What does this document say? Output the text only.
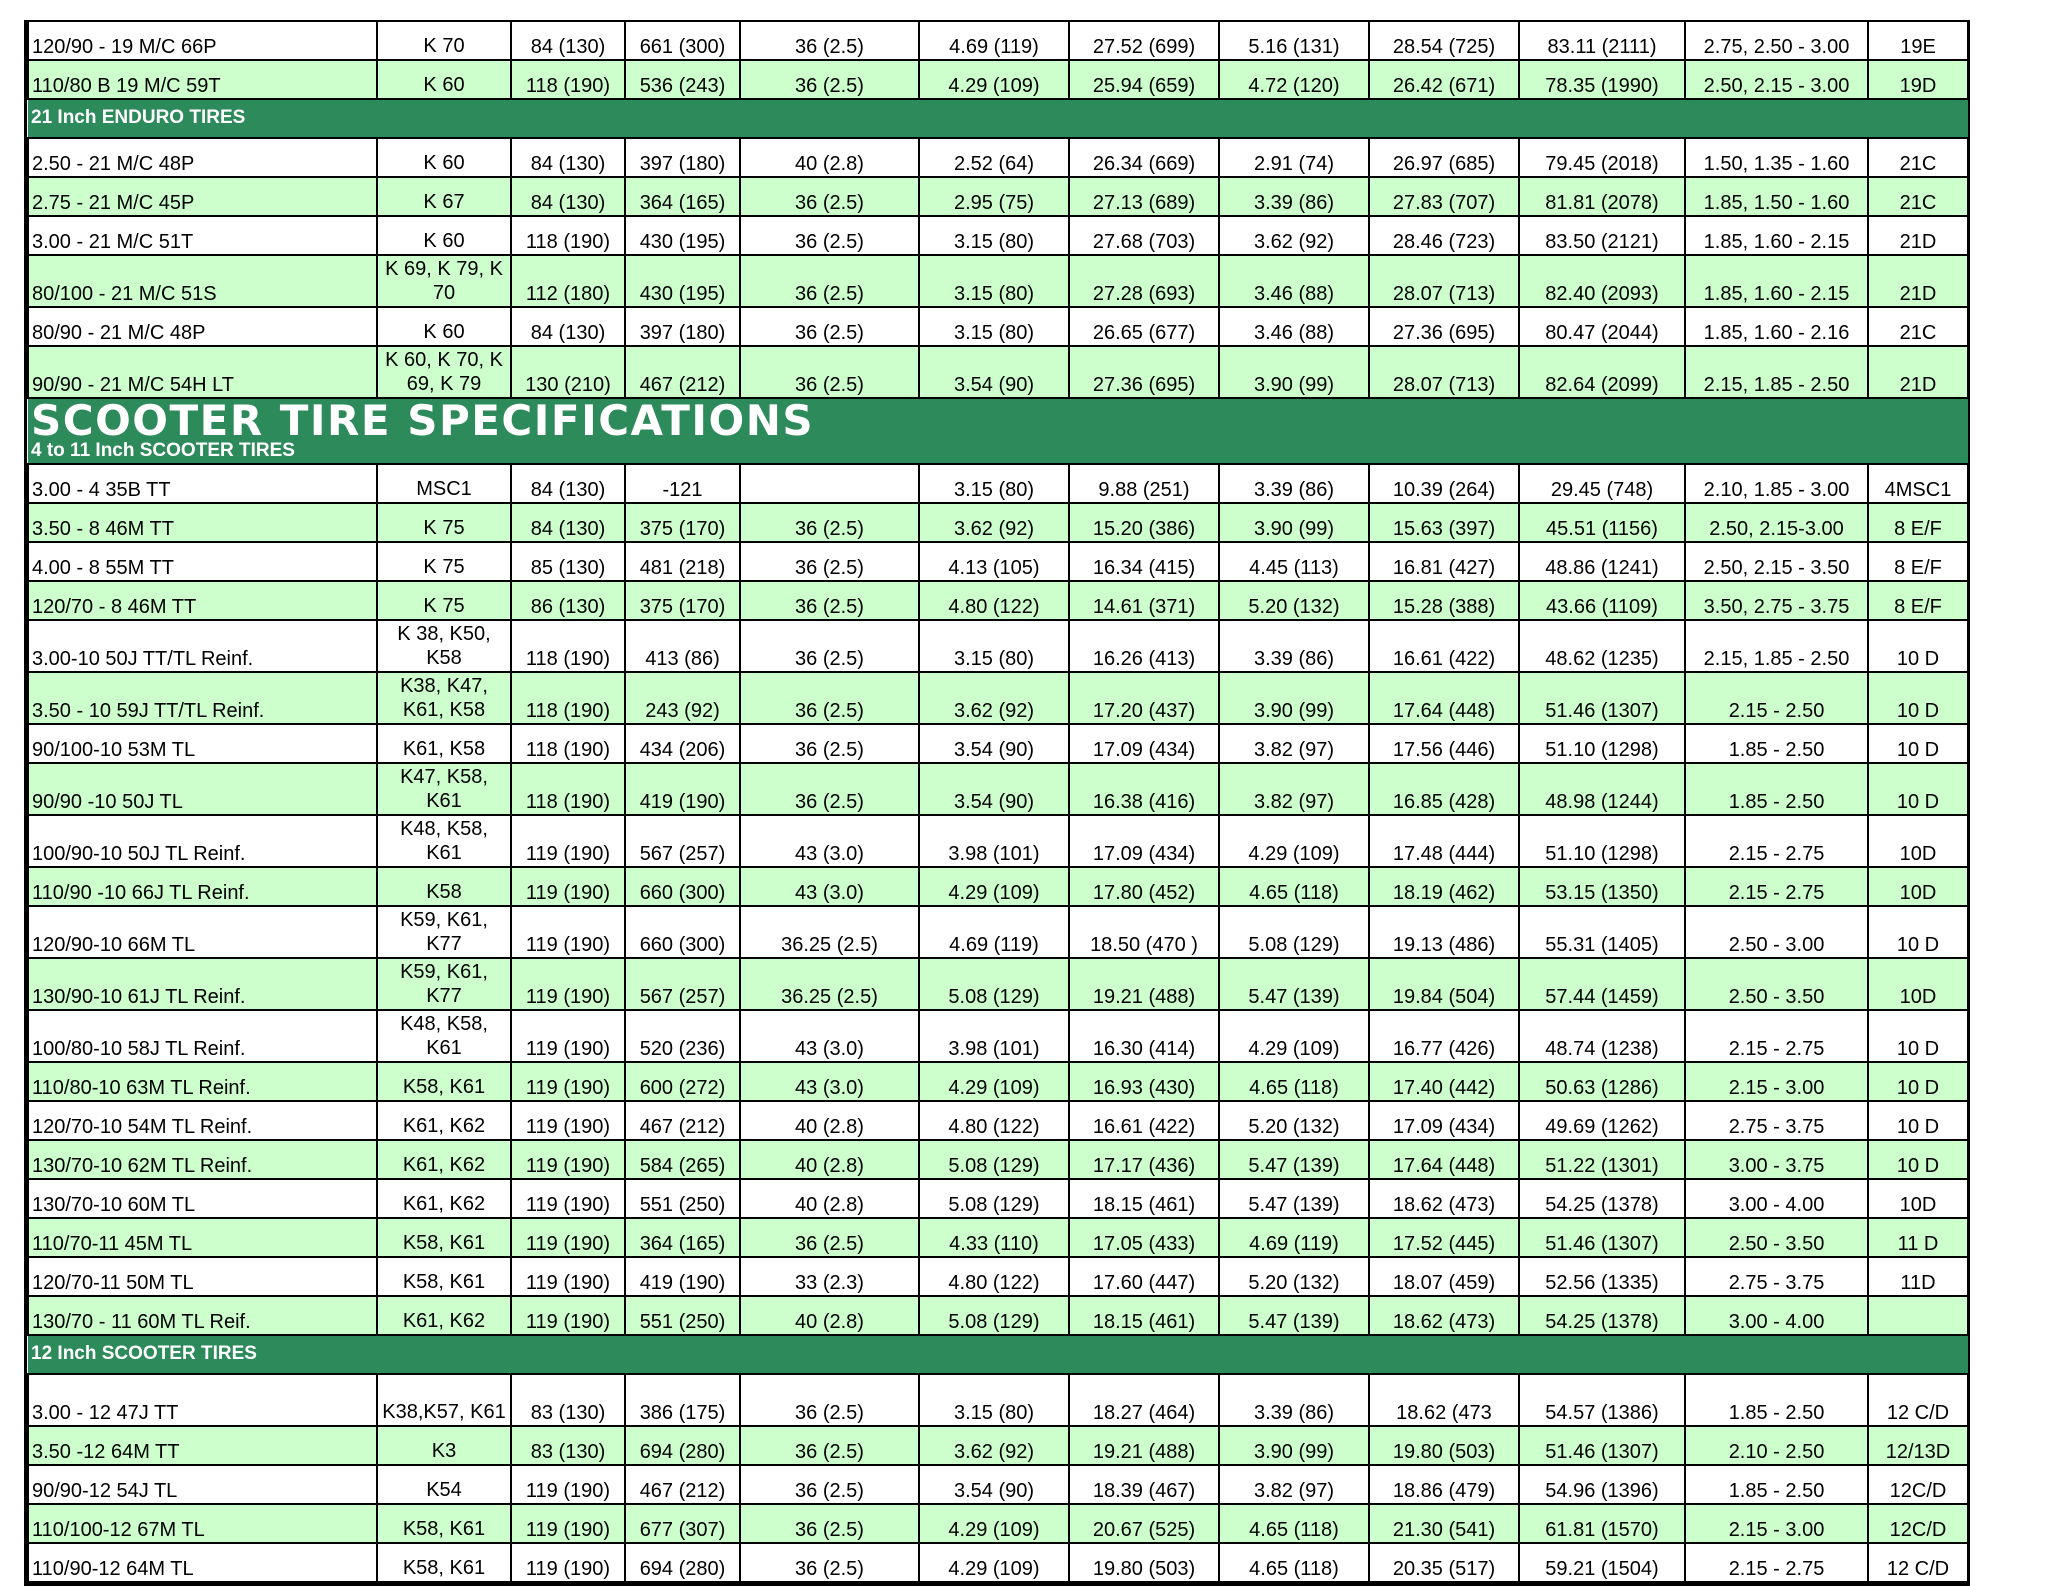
120/90 - 19 M/C 66P	K 70	84 (130)	661 (300)	36 (2.5)	4.69 (119)	27.52 (699)	5.16 (131)	28.54 (725)	83.11 (2111)	2.75, 2.50 - 3.00	19E
110/80 B 19 M/C 59T	K 60	118 (190)	536 (243)	36 (2.5)	4.29 (109)	25.94 (659)	4.72 (120)	26.42 (671)	78.35 (1990)	2.50, 2.15 - 3.00	19D
21 Inch ENDURO TIRES											
2.50 - 21 M/C 48P	K 60	84 (130)	397 (180)	40 (2.8)	2.52 (64)	26.34 (669)	2.91 (74)	26.97 (685)	79.45 (2018)	1.50, 1.35 - 1.60	21C
2.75 - 21 M/C 45P	K 67	84 (130)	364 (165)	36 (2.5)	2.95 (75)	27.13 (689)	3.39 (86)	27.83 (707)	81.81 (2078)	1.85, 1.50 - 1.60	21C
3.00 - 21 M/C 51T	K 60	118 (190)	430 (195)	36 (2.5)	3.15 (80)	27.68 (703)	3.62 (92)	28.46 (723)	83.50 (2121)	1.85, 1.60 - 2.15	21D
80/100 - 21 M/C 51S	K 69, K 79, K 70	112 (180)	430 (195)	36 (2.5)	3.15 (80)	27.28 (693)	3.46 (88)	28.07 (713)	82.40 (2093)	1.85, 1.60 - 2.15	21D
80/90 - 21 M/C 48P	K 60	84 (130)	397 (180)	36 (2.5)	3.15 (80)	26.65 (677)	3.46 (88)	27.36 (695)	80.47 (2044)	1.85, 1.60 - 2.16	21C
90/90 - 21 M/C 54H LT	K 60, K 70, K 69, K 79	130 (210)	467 (212)	36 (2.5)	3.54 (90)	27.36 (695)	3.90 (99)	28.07 (713)	82.64 (2099)	2.15, 1.85 - 2.50	21D

SCOOTER TIRE SPECIFICATIONS
4 to 11 Inch SCOOTER TIRES											

3.00 - 4 35B TT	MSC1	84 (130)	-121		3.15 (80)	9.88 (251)	3.39 (86)	10.39 (264)	29.45 (748)	2.10, 1.85 - 3.00	4MSC1
3.50 - 8 46M TT	K 75	84 (130)	375 (170)	36 (2.5)	3.62 (92)	15.20 (386)	3.90 (99)	15.63 (397)	45.51 (1156)	2.50, 2.15-3.00	8 E/F
4.00 - 8 55M TT	K 75	85 (130)	481 (218)	36 (2.5)	4.13 (105)	16.34 (415)	4.45 (113)	16.81 (427)	48.86 (1241)	2.50, 2.15 - 3.50	8 E/F
120/70 - 8 46M TT	K 75	86 (130)	375 (170)	36 (2.5)	4.80 (122)	14.61 (371)	5.20 (132)	15.28 (388)	43.66 (1109)	3.50, 2.75 - 3.75	8 E/F
3.00-10 50J TT/TL Reinf.	K 38, K50, K58	118 (190)	413 (86)	36 (2.5)	3.15 (80)	16.26 (413)	3.39 (86)	16.61 (422)	48.62 (1235)	2.15, 1.85 - 2.50	10 D
3.50 - 10 59J TT/TL Reinf.	K38, K47, K61, K58	118 (190)	243 (92)	36 (2.5)	3.62 (92)	17.20 (437)	3.90 (99)	17.64 (448)	51.46 (1307)	2.15 - 2.50	10 D
90/100-10 53M TL	K61, K58	118 (190)	434 (206)	36 (2.5)	3.54 (90)	17.09 (434)	3.82 (97)	17.56 (446)	51.10 (1298)	1.85 - 2.50	10 D
90/90 -10 50J TL	K47, K58, K61	118 (190)	419 (190)	36 (2.5)	3.54 (90)	16.38 (416)	3.82 (97)	16.85 (428)	48.98 (1244)	1.85 - 2.50	10 D
100/90-10 50J TL Reinf.	K48, K58, K61	119 (190)	567 (257)	43 (3.0)	3.98 (101)	17.09 (434)	4.29 (109)	17.48 (444)	51.10 (1298)	2.15 - 2.75	10D
110/90 -10 66J TL Reinf.	K58	119 (190)	660 (300)	43 (3.0)	4.29 (109)	17.80 (452)	4.65 (118)	18.19 (462)	53.15 (1350)	2.15 - 2.75	10D
120/90-10 66M TL	K59, K61, K77	119 (190)	660 (300)	36.25 (2.5)	4.69 (119)	18.50 (470 )	5.08 (129)	19.13 (486)	55.31 (1405)	2.50 - 3.00	10 D
130/90-10 61J TL Reinf.	K59, K61, K77	119 (190)	567 (257)	36.25 (2.5)	5.08 (129)	19.21 (488)	5.47 (139)	19.84 (504)	57.44 (1459)	2.50 - 3.50	10D
100/80-10 58J TL Reinf.	K48, K58, K61	119 (190)	520 (236)	43 (3.0)	3.98 (101)	16.30 (414)	4.29 (109)	16.77 (426)	48.74 (1238)	2.15 - 2.75	10 D
110/80-10 63M TL Reinf.	K58, K61	119 (190)	600 (272)	43 (3.0)	4.29 (109)	16.93 (430)	4.65 (118)	17.40 (442)	50.63 (1286)	2.15 - 3.00	10 D
120/70-10 54M TL Reinf.	K61, K62	119 (190)	467 (212)	40 (2.8)	4.80 (122)	16.61 (422)	5.20 (132)	17.09 (434)	49.69 (1262)	2.75 - 3.75	10 D
130/70-10 62M TL Reinf.	K61, K62	119 (190)	584 (265)	40 (2.8)	5.08 (129)	17.17 (436)	5.47 (139)	17.64 (448)	51.22 (1301)	3.00 - 3.75	10 D
130/70-10 60M TL	K61, K62	119 (190)	551 (250)	40 (2.8)	5.08 (129)	18.15 (461)	5.47 (139)	18.62 (473)	54.25 (1378)	3.00 - 4.00	10D
110/70-11 45M TL	K58, K61	119 (190)	364 (165)	36 (2.5)	4.33 (110)	17.05 (433)	4.69 (119)	17.52 (445)	51.46 (1307)	2.50 - 3.50	11 D
120/70-11 50M TL	K58, K61	119 (190)	419 (190)	33 (2.3)	4.80 (122)	17.60 (447)	5.20 (132)	18.07 (459)	52.56 (1335)	2.75 - 3.75	11D
130/70 - 11 60M TL Reif.	K61, K62	119 (190)	551 (250)	40 (2.8)	5.08 (129)	18.15 (461)	5.47 (139)	18.62 (473)	54.25 (1378)	3.00 - 4.00	
12 Inch SCOOTER TIRES											
3.00 - 12 47J TT	K38,K57, K61	83 (130)	386 (175)	36 (2.5)	3.15 (80)	18.27 (464)	3.39 (86)	18.62 (473	54.57 (1386)	1.85 - 2.50	12 C/D
3.50 -12 64M TT	K3	83 (130)	694 (280)	36 (2.5)	3.62 (92)	19.21 (488)	3.90 (99)	19.80 (503)	51.46 (1307)	2.10 - 2.50	12/13D
90/90-12 54J TL	K54	119 (190)	467 (212)	36 (2.5)	3.54 (90)	18.39 (467)	3.82 (97)	18.86 (479)	54.96 (1396)	1.85 - 2.50	12C/D
110/100-12 67M TL	K58, K61	119 (190)	677 (307)	36 (2.5)	4.29 (109)	20.67 (525)	4.65 (118)	21.30 (541)	61.81 (1570)	2.15 - 3.00	12C/D
110/90-12 64M TL	K58, K61	119 (190)	694 (280)	36 (2.5)	4.29 (109)	19.80 (503)	4.65 (118)	20.35 (517)	59.21 (1504)	2.15 - 2.75	12 C/D
